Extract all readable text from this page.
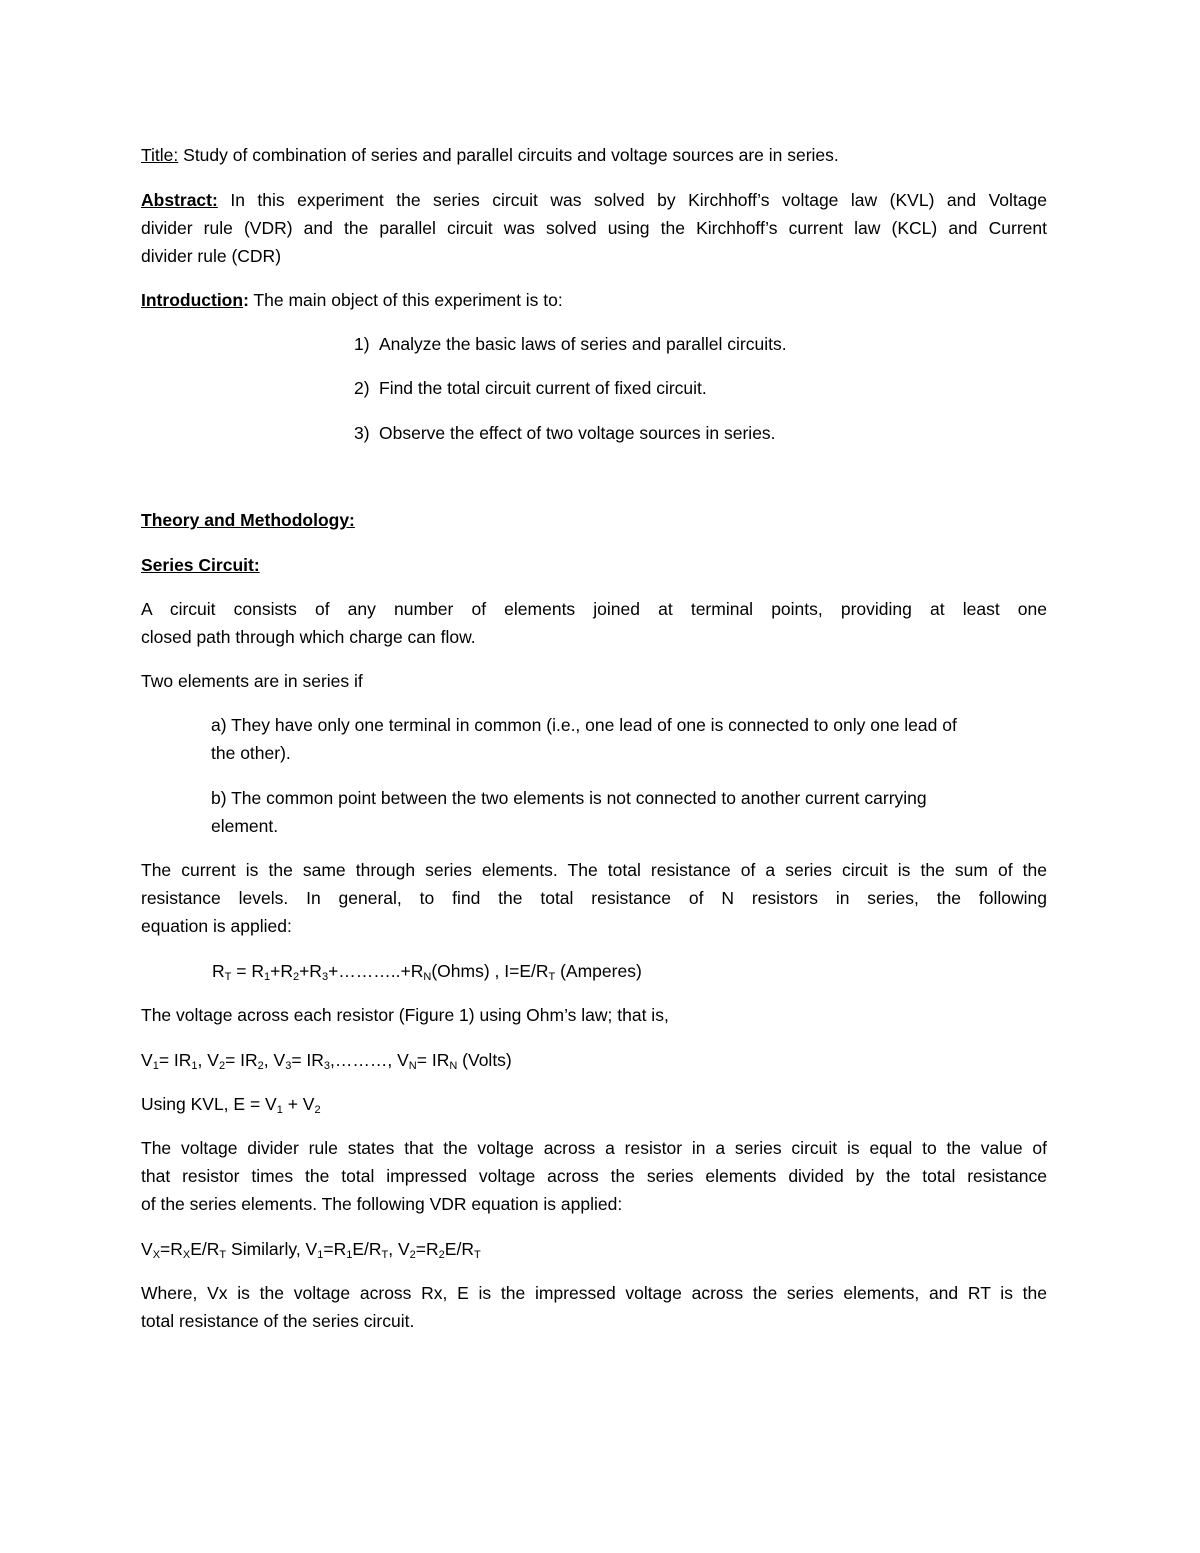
Title: Study of combination of series and parallel circuits and voltage sources are in series.
Abstract: In this experiment the series circuit was solved by Kirchhoff’s voltage law (KVL) and Voltage
divider rule (VDR) and the parallel circuit was solved using the Kirchhoff’s current law (KCL) and Current
divider rule (CDR)
Introduction: The main object of this experiment is to:
1) Analyze the basic laws of series and parallel circuits.
2) Find the total circuit current of fixed circuit.
3) Observe the effect of two voltage sources in series.
Theory and Methodology:
Series Circuit:
A circuit consists of any number of elements joined at terminal points, providing at least one
closed path through which charge can flow.
Two elements are in series if
a) They have only one terminal in common (i.e., one lead of one is connected to only one lead of
the other).
b) The common point between the two elements is not connected to another current carrying
element.
The current is the same through series elements. The total resistance of a series circuit is the sum of the
resistance levels. In general, to find the total resistance of N resistors in series, the following
equation is applied:
$R_T$ = $R_1+R_2+R_3+\dots\dots\dots..+R_N(Ohms)$ , $I=E/R_T$ (Amperes)
The voltage across each resistor (Figure 1) using Ohm’s law; that is,
$V_1= IR_1$, $V_2= IR_2$, $V_3=$ $IR_3,\dots\dots\dots$, $V_N= IR_N$ (Volts)
Using KVL, $E = V_1 + V_2$
The voltage divider rule states that the voltage across a resistor in a series circuit is equal to the value of
that resistor times the total impressed voltage across the series elements divided by the total resistance
of the series elements. The following VDR equation is applied:
$V_X=R_XE/R_T$ Similarly, $V_1=R_1E/R_T$, $V_2=R_2E/R_T$
Where, Vx is the voltage across Rx, E is the impressed voltage across the series elements, and RT is the
total resistance of the series circuit.
